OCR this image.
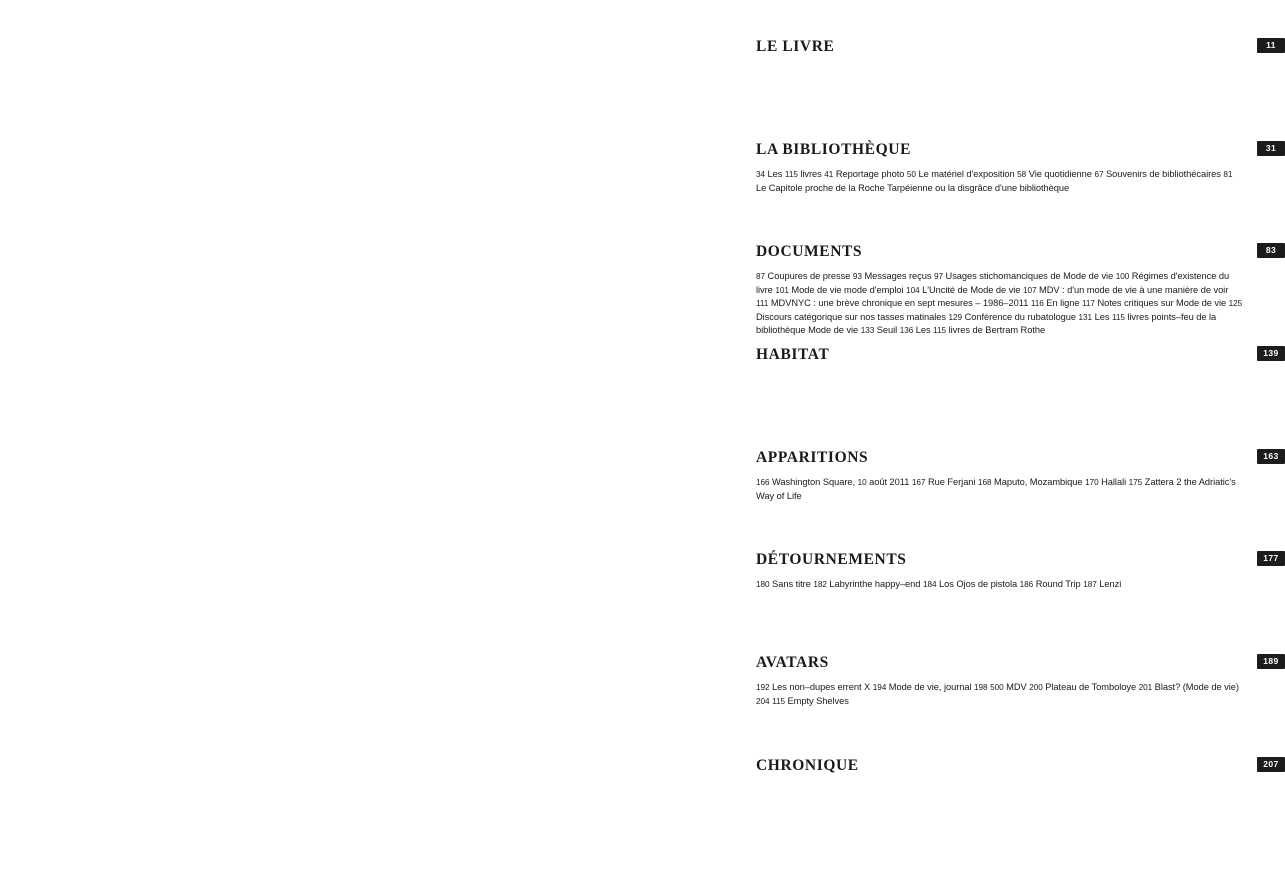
LE LIVRE	11
LA BIBLIOTHÈQUE	31
34 Les 115 livres 41 Reportage photo 50 Le matériel d'exposition 58 Vie quotidienne 67 Souvenirs de bibliothécaires 81 Le Capitole proche de la Roche Tarpéienne ou la disgrâce d'une bibliothèque
DOCUMENTS	83
87 Coupures de presse 93 Messages reçus 97 Usages stichomanciques de Mode de vie 100 Régimes d'existence du livre 101 Mode de vie mode d'emploi 104 L'Uncité de Mode de vie 107 MDV : d'un mode de vie à une manière de voir 111 MDVNYC : une brève chronique en sept mesures – 1986–2011 116 En ligne 117 Notes critiques sur Mode de vie 125 Discours catégorique sur nos tasses matinales 129 Conférence du rubatologue 131 Les 115 livres points–feu de la bibliothèque Mode de vie 133 Seuil 136 Les 115 livres de Bertram Rothe
HABITAT	139
APPARITIONS	163
166 Washington Square, 10 août 2011 167 Rue Ferjani 168 Maputo, Mozambique 170 Hallali 175 Zattera 2 the Adriatic's Way of Life
DÉTOURNEMENTS	177
180 Sans titre 182 Labyrinthe happy–end 184 Los Ojos de pistola 186 Round Trip 187 Lenzi
AVATARS	189
192 Les non–dupes errent X 194 Mode de vie, journal 198 500 MDV 200 Plateau de Tomboloye 201 Blast? (Mode de vie) 204 115 Empty Shelves
CHRONIQUE	207
